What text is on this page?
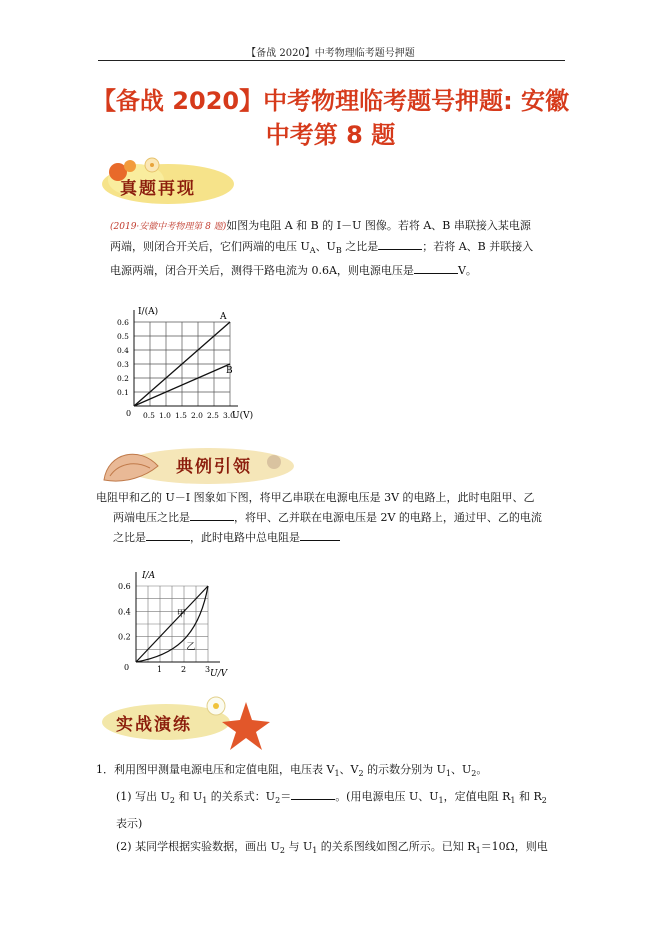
【备战 2020】中考物理临考题号押题
【备战 2020】中考物理临考题号押题: 安徽
中考第 8 题
真题再现
(2019·安徽中考物理第 8 题)如图为电阻 A 和 B 的 I－U 图像。若将 A、B 串联接入某电源
两端，则闭合开关后，它们两端的电压 $U_A$、$U_B$ 之比是	；若将 A、B 并联接入
电源两端，闭合开关后，测得干路电流为 0.6A，则电源电压是	V。
I/(A)
U(V)
0
0.1
0.2
0.3
0.4
0.5
0.6
0.5 1.0 1.5 2.0 2.5 3.0
A
B
典例引领
电阻甲和乙的 U－I 图象如下图，将甲乙串联在电源电压是 3V 的电路上，此时电阻甲、乙
两端电压之比是	，将甲、乙并联在电源电压是 2V 的电路上，通过甲、乙的电流
之比是	，此时电路中总电阻是
I/A
U/V
0
0.2
0.4
0.6
1 2 3
甲
乙
实战演练
1．利用图甲测量电源电压和定值电阻，电压表 $V_1$、$V_2$ 的示数分别为 $U_1$、$U_2$。
(1) 写出 $U_2$ 和 $U_1$ 的关系式：$U_2=$	。(用电源电压 U、$U_1$，定值电阻 $R_1$ 和 $R_2$
表示)
(2) 某同学根据实验数据，画出 $U_2$ 与 $U_1$ 的关系图线如图乙所示。已知 $R_1=10\Omega$，则电
